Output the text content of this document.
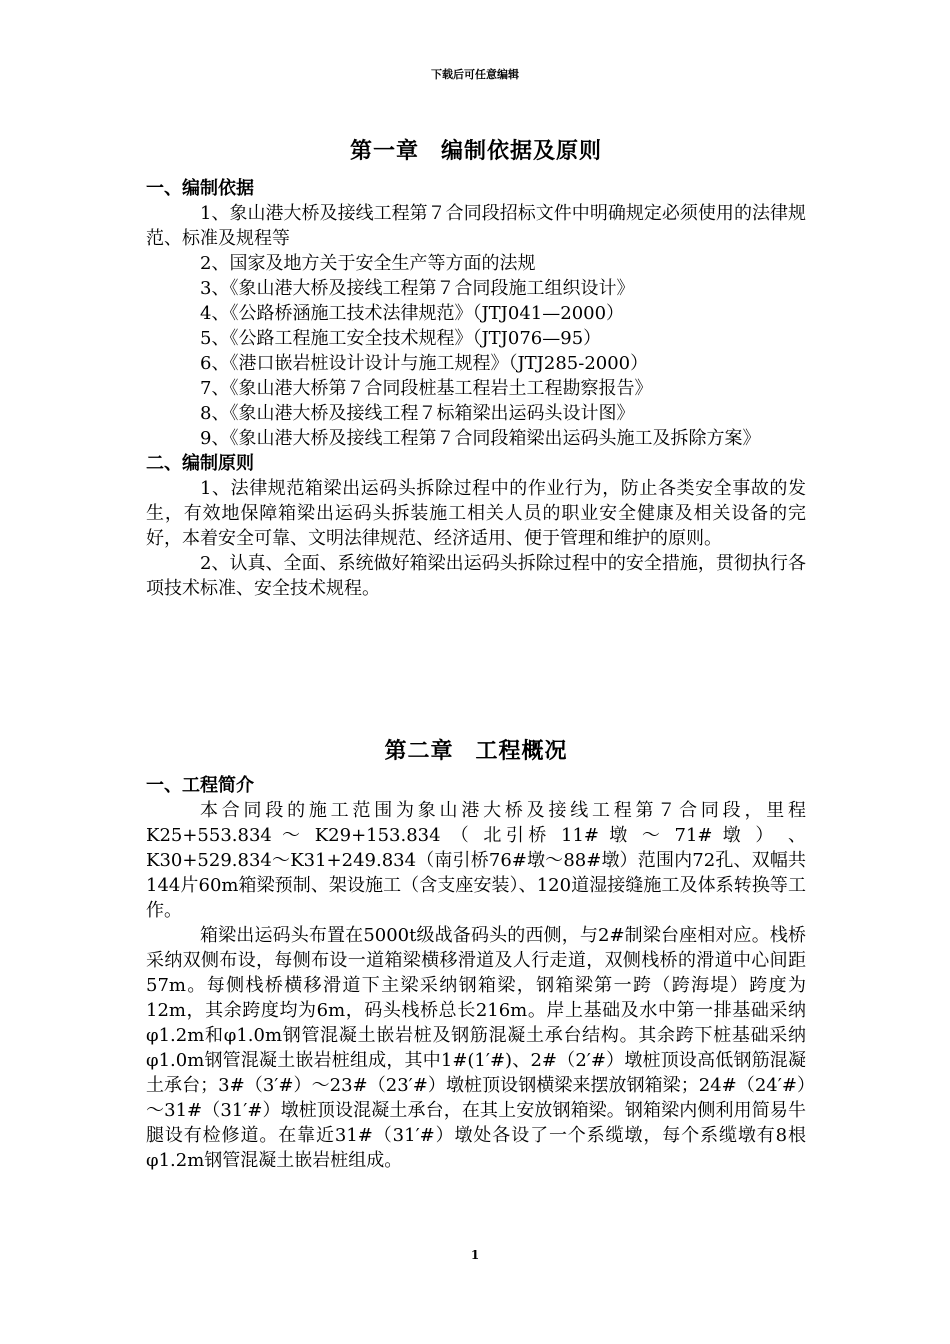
下载后可任意编辑
第一章 编制依据及原则
一、编制依据

1、象山港大桥及接线工程第７合同段招标文件中明确规定必须使用的法律规范、标准及规程等

2、国家及地方关于安全生产等方面的法规

3、《象山港大桥及接线工程第７合同段施工组织设计》

4、《公路桥涵施工技术法律规范》（JTJ041—2000）

5、《公路工程施工安全技术规程》（JTJ076—95）

6、《港口嵌岩桩设计设计与施工规程》（JTJ285-2000）

7、《象山港大桥第７合同段桩基工程岩土工程勘察报告》

8、《象山港大桥及接线工程７标箱梁出运码头设计图》

9、《象山港大桥及接线工程第７合同段箱梁出运码头施工及拆除方案》

二、编制原则

1、法律规范箱梁出运码头拆除过程中的作业行为，防止各类安全事故的发生，有效地保障箱梁出运码头拆装施工相关人员的职业安全健康及相关设备的完好，本着安全可靠、文明法律规范、经济适用、便于管理和维护的原则。

2、认真、全面、系统做好箱梁出运码头拆除过程中的安全措施，贯彻执行各项技术标准、安全技术规程。

第二章 工程概况
一、工程简介

本合同段的施工范围为象山港大桥及接线工程第７合同段，里程 K25+553.834 ～ K29+153.834 （ 北引桥 11# 墩 ～ 71# 墩 ） 、K30+529.834～K31+249.834（南引桥76#墩～88#墩）范围内72孔、双幅共144片60m箱梁预制、架设施工（含支座安装）、120道湿接缝施工及体系转换等工作。

箱梁出运码头布置在5000t级战备码头的西侧，与2#制梁台座相对应。栈桥采纳双侧布设，每侧布设一道箱梁横移滑道及人行走道，双侧栈桥的滑道中心间距57m。每侧栈桥横移滑道下主梁采纳钢箱梁，钢箱梁第一跨（跨海堤）跨度为12m，其余跨度均为6m，码头栈桥总长216m。岸上基础及水中第一排基础采纳 φ1.2m和φ1.0m钢管混凝土嵌岩桩及钢筋混凝土承台结构。其余跨下桩基础采纳φ1.0m钢管混凝土嵌岩桩组成，其中1#(1′#)、2#（2′#）墩桩顶设高低钢筋混凝土承台；3#（3′#）～23#（23′#）墩桩顶设钢横梁来摆放钢箱梁；24#（24′#）～31#（31′#）墩桩顶设混凝土承台，在其上安放钢箱梁。钢箱梁内侧利用简易牛腿设有检修道。在靠近31#（31′#）墩处各设了一个系缆墩，每个系缆墩有8根φ1.2m钢管混凝土嵌岩桩组成。

1
